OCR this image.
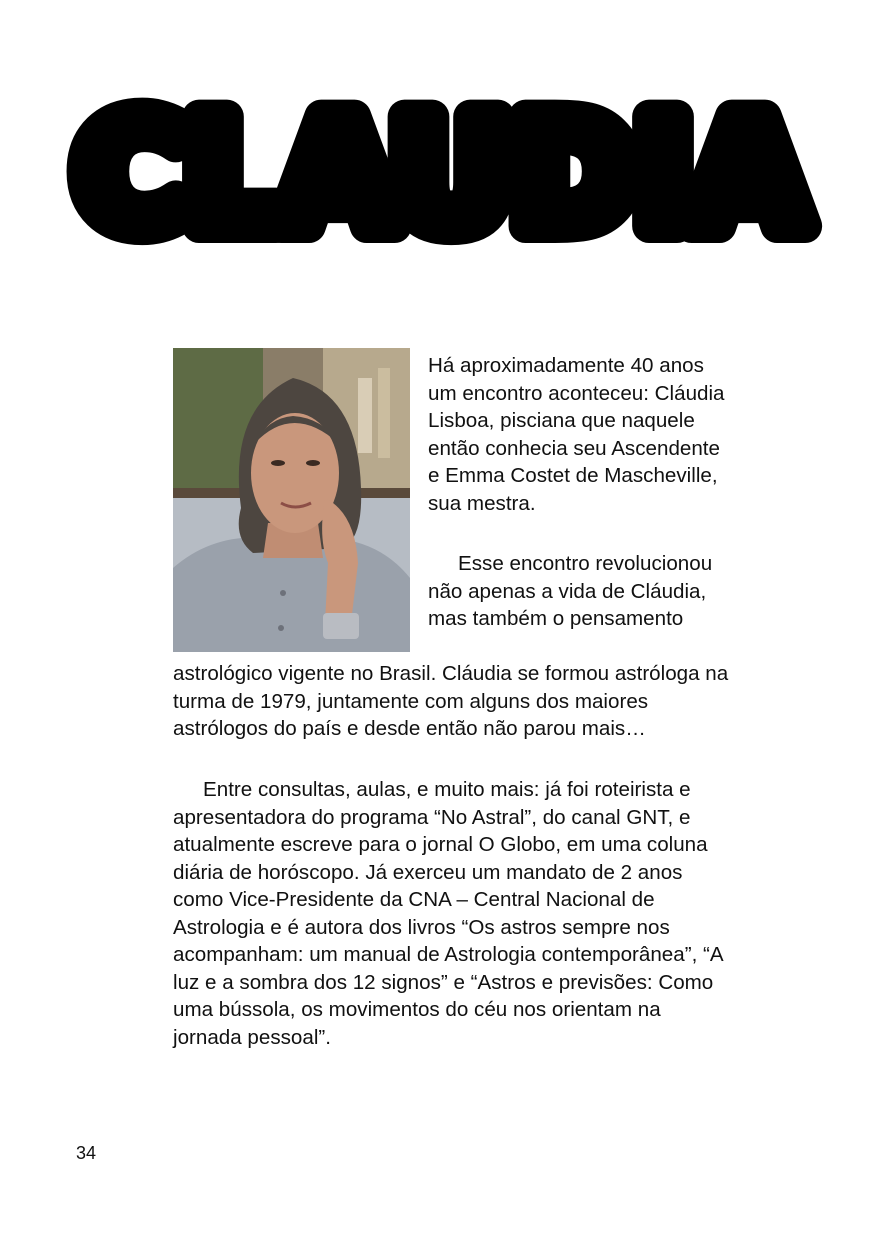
CLAUDIA

Há aproximadamente 40 anos um encontro aconteceu: Cláudia Lisboa, pisciana que naquele então conhecia seu Ascendente e Emma Costet de Mascheville, sua mestra.

Esse encontro revolucionou não apenas a vida de Cláudia, mas também o pensamento

astrológico vigente no Brasil. Cláudia se formou astróloga na turma de 1979, juntamente com alguns dos maiores astrólogos do país e desde então não parou mais…

Entre consultas, aulas, e muito mais: já foi roteirista e apresentadora do programa “No Astral”, do canal GNT, e atualmente escreve para o jornal O Globo, em uma coluna diária de horóscopo. Já exerceu um mandato de 2 anos como Vice-Presidente da CNA – Central Nacional de Astrologia e é autora dos livros “Os astros sempre nos acompanham: um manual de Astrologia contemporânea”, “A luz e a sombra dos 12 signos” e “Astros e previsões: Como uma bússola, os movimentos do céu nos orientam na jornada pessoal”.

34
